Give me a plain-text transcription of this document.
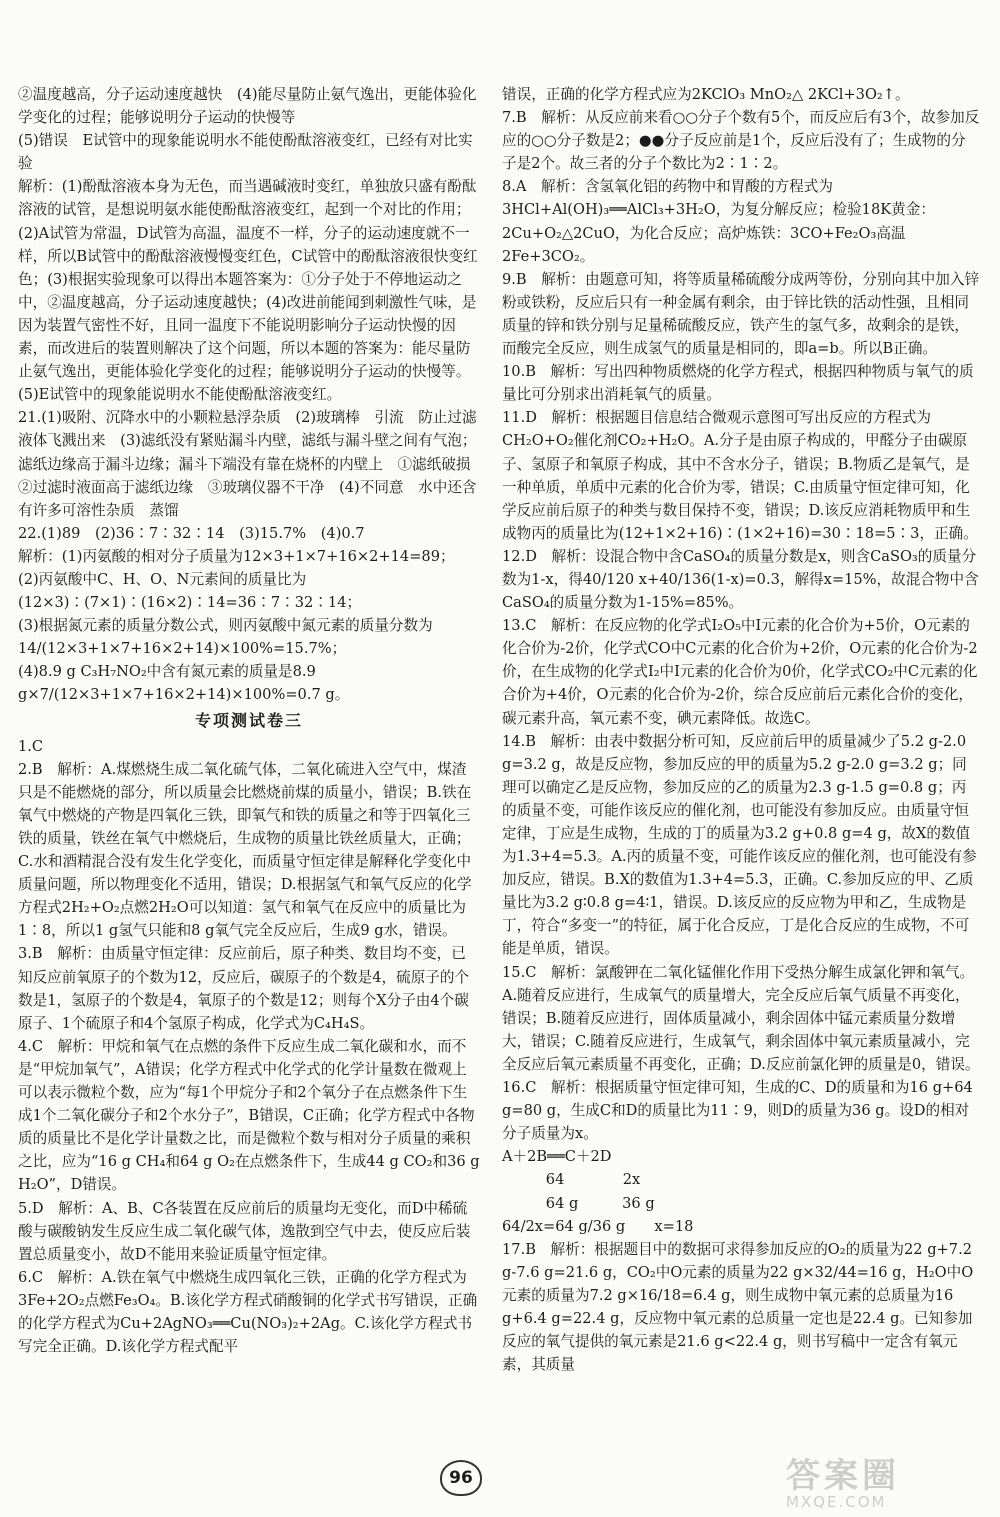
②温度越高，分子运动速度越快　(4)能尽量防止氨气逸出，更能体验化学变化的过程；能够说明分子运动的快慢等
(5)错误　E试管中的现象能说明水不能使酚酞溶液变红，已经有对比实验
解析：(1)酚酞溶液本身为无色，而当遇碱液时变红，单独放只盛有酚酞溶液的试管，是想说明氨水能使酚酞溶液变红，起到一个对比的作用；(2)A试管为常温，D试管为高温，温度不一样，分子的运动速度就不一样，所以B试管中的酚酞溶液慢慢变红色，C试管中的酚酞溶液很快变红色；(3)根据实验现象可以得出本题答案为：①分子处于不停地运动之中，②温度越高，分子运动速度越快；(4)改进前能闻到刺激性气味，是因为装置气密性不好，且同一温度下不能说明影响分子运动快慢的因素，而改进后的装置则解决了这个问题，所以本题的答案为：能尽量防止氨气逸出，更能体验化学变化的过程；能够说明分子运动的快慢等。(5)E试管中的现象能说明水不能使酚酞溶液变红。
21.(1)吸附、沉降水中的小颗粒悬浮杂质　(2)玻璃棒　引流　防止过滤液体飞溅出来　(3)滤纸没有紧贴漏斗内壁，滤纸与漏斗壁之间有气泡；滤纸边缘高于漏斗边缘；漏斗下端没有靠在烧杯的内壁上　①滤纸破损　②过滤时液面高于滤纸边缘　③玻璃仪器不干净　(4)不同意　水中还含有许多可溶性杂质　蒸馏
22.(1)89　(2)36∶7∶32∶14　(3)15.7%　(4)0.7
解析：(1)丙氨酸的相对分子质量为12×3+1×7+16×2+14=89；
(2)丙氨酸中C、H、O、N元素间的质量比为(12×3)∶(7×1)∶(16×2)∶14=36∶7∶32∶14；
(3)根据氮元素的质量分数公式，则丙氨酸中氮元素的质量分数为14/(12×3+1×7+16×2+14)×100%=15.7%；
(4)8.9 g C₃H₇NO₂中含有氮元素的质量是8.9 g×7/(12×3+1×7+16×2+14)×100%=0.7 g。

专项测试卷三

1.C
2.B　解析：A.煤燃烧生成二氧化硫气体，二氧化硫进入空气中，煤渣只是不能燃烧的部分，所以质量会比燃烧前煤的质量小，错误；B.铁在氧气中燃烧的产物是四氧化三铁，即氧气和铁的质量之和等于四氧化三铁的质量，铁丝在氧气中燃烧后，生成物的质量比铁丝质量大，正确；C.水和酒精混合没有发生化学变化，而质量守恒定律是解释化学变化中质量问题，所以物理变化不适用，错误；D.根据氢气和氧气反应的化学方程式2H₂+O₂点燃2H₂O可以知道：氢气和氧气在反应中的质量比为1∶8，所以1 g氢气只能和8 g氧气完全反应后，生成9 g水，错误。
3.B　解析：由质量守恒定律：反应前后，原子种类、数目均不变，已知反应前氧原子的个数为12，反应后，碳原子的个数是4，硫原子的个数是1，氢原子的个数是4，氧原子的个数是12；则每个X分子由4个碳原子、1个硫原子和4个氢原子构成，化学式为C₄H₄S。
4.C　解析：甲烷和氧气在点燃的条件下反应生成二氧化碳和水，而不是“甲烷加氧气”，A错误；化学方程式中化学式的化学计量数在微观上可以表示微粒个数，应为“每1个甲烷分子和2个氧分子在点燃条件下生成1个二氧化碳分子和2个水分子”，B错误，C正确；化学方程式中各物质的质量比不是化学计量数之比，而是微粒个数与相对分子质量的乘积之比，应为“16 g CH₄和64 g O₂在点燃条件下，生成44 g CO₂和36 g H₂O”，D错误。
5.D　解析：A、B、C各装置在反应前后的质量均无变化，而D中稀硫酸与碳酸钠发生反应生成二氧化碳气体，逸散到空气中去，使反应后装置总质量变小，故D不能用来验证质量守恒定律。
6.C　解析：A.铁在氧气中燃烧生成四氧化三铁，正确的化学方程式为3Fe+2O₂点燃Fe₃O₄。B.该化学方程式硝酸铜的化学式书写错误，正确的化学方程式为Cu+2AgNO₃══Cu(NO₃)₂+2Ag。C.该化学方程式书写完全正确。D.该化学方程式配平

错误，正确的化学方程式应为2KClO₃ MnO₂△ 2KCl+3O₂↑。
7.B　解析：从反应前来看○○分子个数有5个，而反应后有3个，故参加反应的○○分子数是2；●●分子反应前是1个，反应后没有了；生成物的分子是2个。故三者的分子个数比为2∶1∶2。
8.A　解析：含氢氧化铝的药物中和胃酸的方程式为3HCl+Al(OH)₃══AlCl₃+3H₂O，为复分解反应；检验18K黄金：2Cu+O₂△2CuO，为化合反应；高炉炼铁：3CO+Fe₂O₃高温2Fe+3CO₂。
9.B　解析：由题意可知，将等质量稀硫酸分成两等份，分别向其中加入锌粉或铁粉，反应后只有一种金属有剩余，由于锌比铁的活动性强，且相同质量的锌和铁分别与足量稀硫酸反应，铁产生的氢气多，故剩余的是铁，而酸完全反应，则生成氢气的质量是相同的，即a=b。所以B正确。
10.B　解析：写出四种物质燃烧的化学方程式，根据四种物质与氧气的质量比可分别求出消耗氧气的质量。
11.D　解析：根据题目信息结合微观示意图可写出反应的方程式为CH₂O+O₂催化剂CO₂+H₂O。A.分子是由原子构成的，甲醛分子由碳原子、氢原子和氧原子构成，其中不含水分子，错误；B.物质乙是氧气，是一种单质，单质中元素的化合价为零，错误；C.由质量守恒定律可知，化学反应前后原子的种类与数目保持不变，错误；D.该反应消耗物质甲和生成物丙的质量比为(12+1×2+16)∶(1×2+16)=30∶18=5∶3，正确。
12.D　解析：设混合物中含CaSO₄的质量分数是x，则含CaSO₃的质量分数为1-x，得40/120 x+40/136(1-x)=0.3，解得x=15%，故混合物中含CaSO₄的质量分数为1-15%=85%。
13.C　解析：在反应物的化学式I₂O₅中I元素的化合价为+5价，O元素的化合价为-2价，化学式CO中C元素的化合价为+2价，O元素的化合价为-2价，在生成物的化学式I₂中I元素的化合价为0价，化学式CO₂中C元素的化合价为+4价，O元素的化合价为-2价，综合反应前后元素化合价的变化，碳元素升高，氧元素不变，碘元素降低。故选C。
14.B　解析：由表中数据分析可知，反应前后甲的质量减少了5.2 g-2.0 g=3.2 g，故是反应物，参加反应的甲的质量为5.2 g-2.0 g=3.2 g；同理可以确定乙是反应物，参加反应的乙的质量为2.3 g-1.5 g=0.8 g；丙的质量不变，可能作该反应的催化剂，也可能没有参加反应。由质量守恒定律，丁应是生成物，生成的丁的质量为3.2 g+0.8 g=4 g，故X的数值为1.3+4=5.3。A.丙的质量不变，可能作该反应的催化剂，也可能没有参加反应，错误。B.X的数值为1.3+4=5.3，正确。C.参加反应的甲、乙质量比为3.2 g∶0.8 g=4∶1，错误。D.该反应的反应物为甲和乙，生成物是丁，符合“多变一”的特征，属于化合反应，丁是化合反应的生成物，不可能是单质，错误。
15.C　解析：氯酸钾在二氧化锰催化作用下受热分解生成氯化钾和氧气。A.随着反应进行，生成氧气的质量增大，完全反应后氧气质量不再变化，错误；B.随着反应进行，固体质量减小，剩余固体中锰元素质量分数增大，错误；C.随着反应进行，生成氧气，剩余固体中氧元素质量减小，完全反应后氧元素质量不再变化，正确；D.反应前氯化钾的质量是0，错误。
16.C　解析：根据质量守恒定律可知，生成的C、D的质量和为16 g+64 g=80 g，生成C和D的质量比为11∶9，则D的质量为36 g。设D的相对分子质量为x。
A＋2B══C＋2D
　　　64　　　　2x
　　　64 g　　　36 g
64/2x=64 g/36 g　　x=18
17.B　解析：根据题目中的数据可求得参加反应的O₂的质量为22 g+7.2 g-7.6 g=21.6 g，CO₂中O元素的质量为22 g×32/44=16 g，H₂O中O元素的质量为7.2 g×16/18=6.4 g，则生成物中氧元素的总质量为16 g+6.4 g=22.4 g，反应物中氧元素的总质量一定也是22.4 g。已知参加反应的氧气提供的氧元素是21.6 g<22.4 g，则书写稿中一定含有氧元素，其质量

96	答案圈
MXQE.COM
